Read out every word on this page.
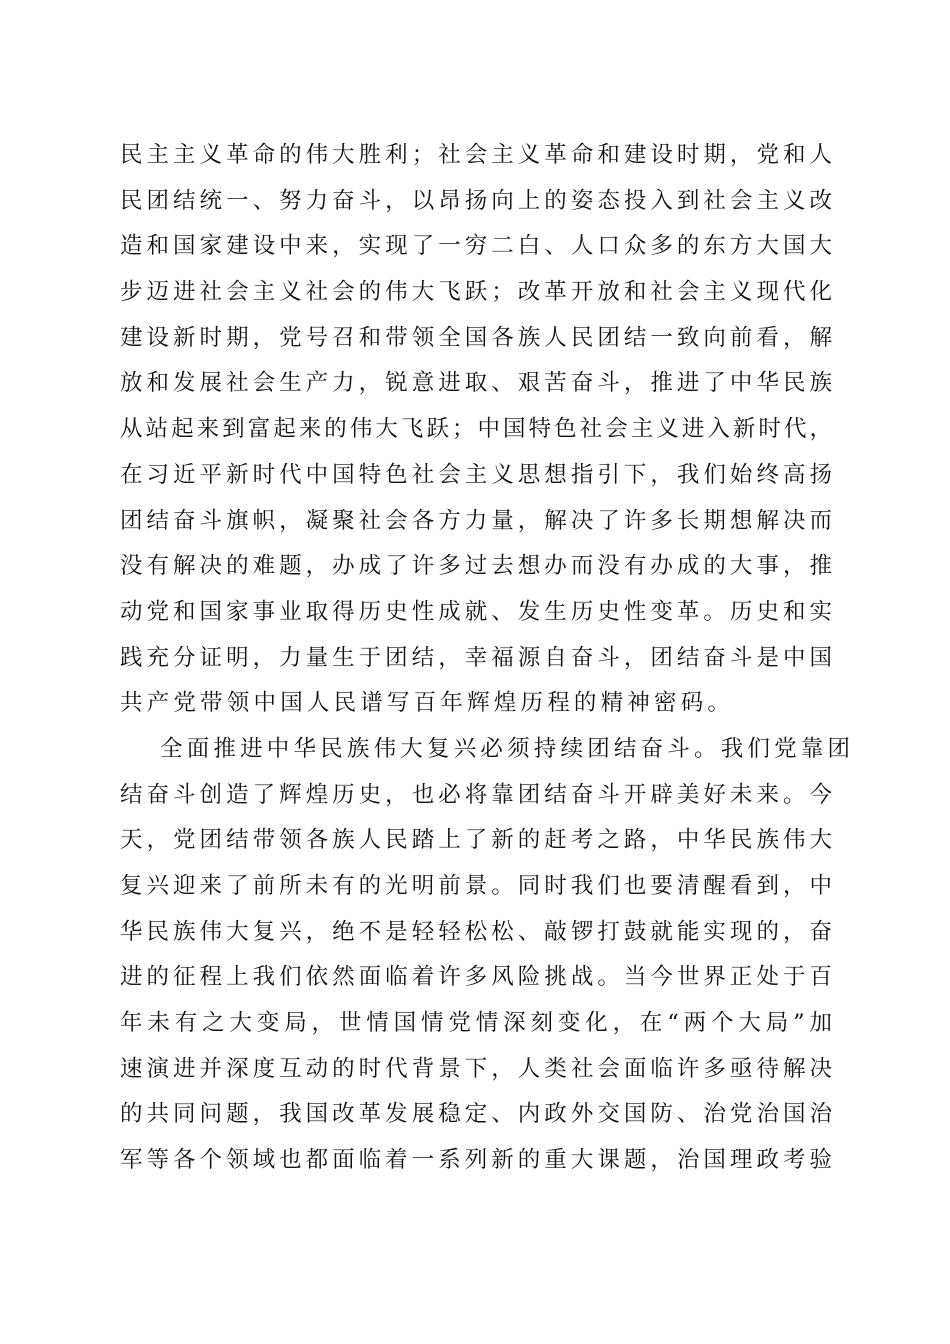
民主主义革命的伟大胜利；社会主义革命和建设时期，党和人
民团结统一、努力奋斗，以昂扬向上的姿态投入到社会主义改
造和国家建设中来，实现了一穷二白、人口众多的东方大国大
步迈进社会主义社会的伟大飞跃；改革开放和社会主义现代化
建设新时期，党号召和带领全国各族人民团结一致向前看，解
放和发展社会生产力，锐意进取、艰苦奋斗，推进了中华民族
从站起来到富起来的伟大飞跃；中国特色社会主义进入新时代，
在习近平新时代中国特色社会主义思想指引下，我们始终高扬
团结奋斗旗帜，凝聚社会各方力量，解决了许多长期想解决而
没有解决的难题，办成了许多过去想办而没有办成的大事，推
动党和国家事业取得历史性成就、发生历史性变革。历史和实
践充分证明，力量生于团结，幸福源自奋斗，团结奋斗是中国
共产党带领中国人民谱写百年辉煌历程的精神密码。
全面推进中华民族伟大复兴必须持续团结奋斗。我们党靠团
结奋斗创造了辉煌历史，也必将靠团结奋斗开辟美好未来。今
天，党团结带领各族人民踏上了新的赶考之路，中华民族伟大
复兴迎来了前所未有的光明前景。同时我们也要清醒看到，中
华民族伟大复兴，绝不是轻轻松松、敲锣打鼓就能实现的，奋
进的征程上我们依然面临着许多风险挑战。当今世界正处于百
年未有之大变局，世情国情党情深刻变化，在“两个大局”加
速演进并深度互动的时代背景下，人类社会面临许多亟待解决
的共同问题，我国改革发展稳定、内政外交国防、治党治国治
军等各个领域也都面临着一系列新的重大课题，治国理政考验
